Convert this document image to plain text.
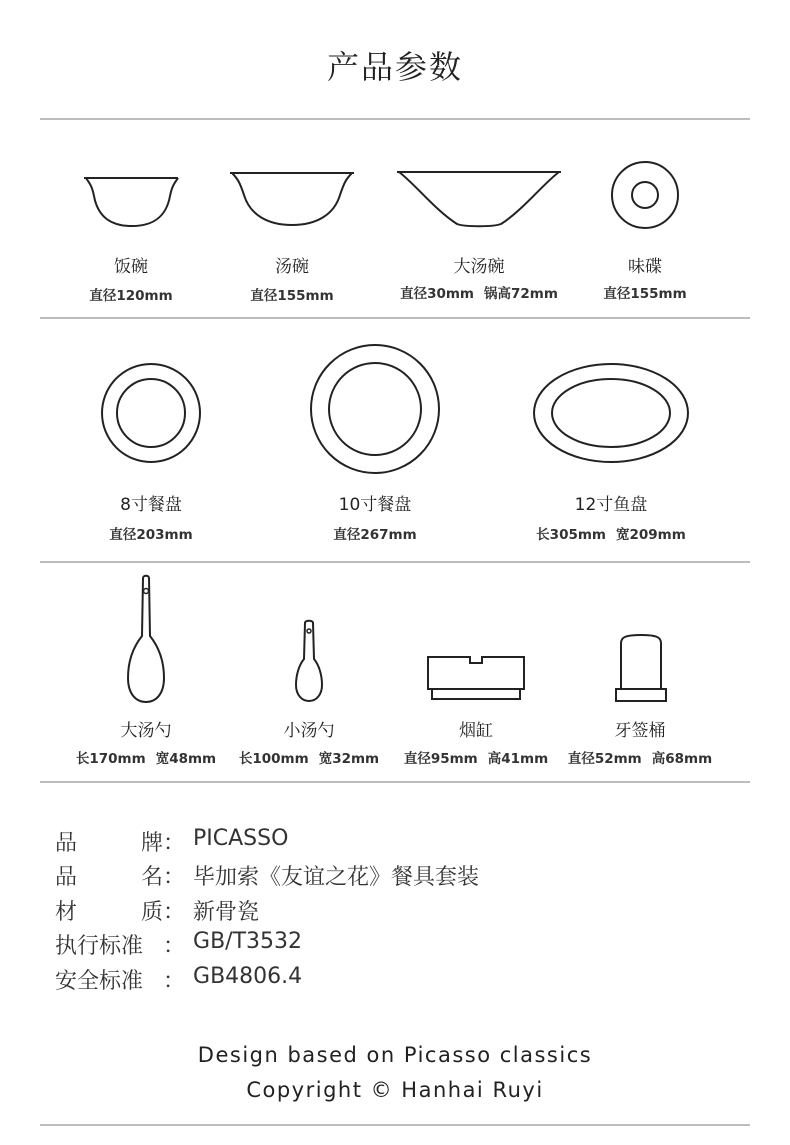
产品参数
饭碗
直径120mm
汤碗
直径155mm
大汤碗
直径30mm 锅高72mm
味碟
直径155mm
8寸餐盘
直径203mm
10寸餐盘
直径267mm
12寸鱼盘
长305mm 宽209mm
大汤勺
长170mm 宽48mm
小汤勺
长100mm 宽32mm
烟缸
直径95mm 高41mm
牙签桶
直径52mm 高68mm
品	牌 ： PICASSO
品	名 ： 毕加索《友谊之花》餐具套装
材	质 ： 新骨瓷
执行标准 ： GB/T3532
安全标准 ： GB4806.4
Design based on Picasso classics
Copyright © Hanhai Ruyi
